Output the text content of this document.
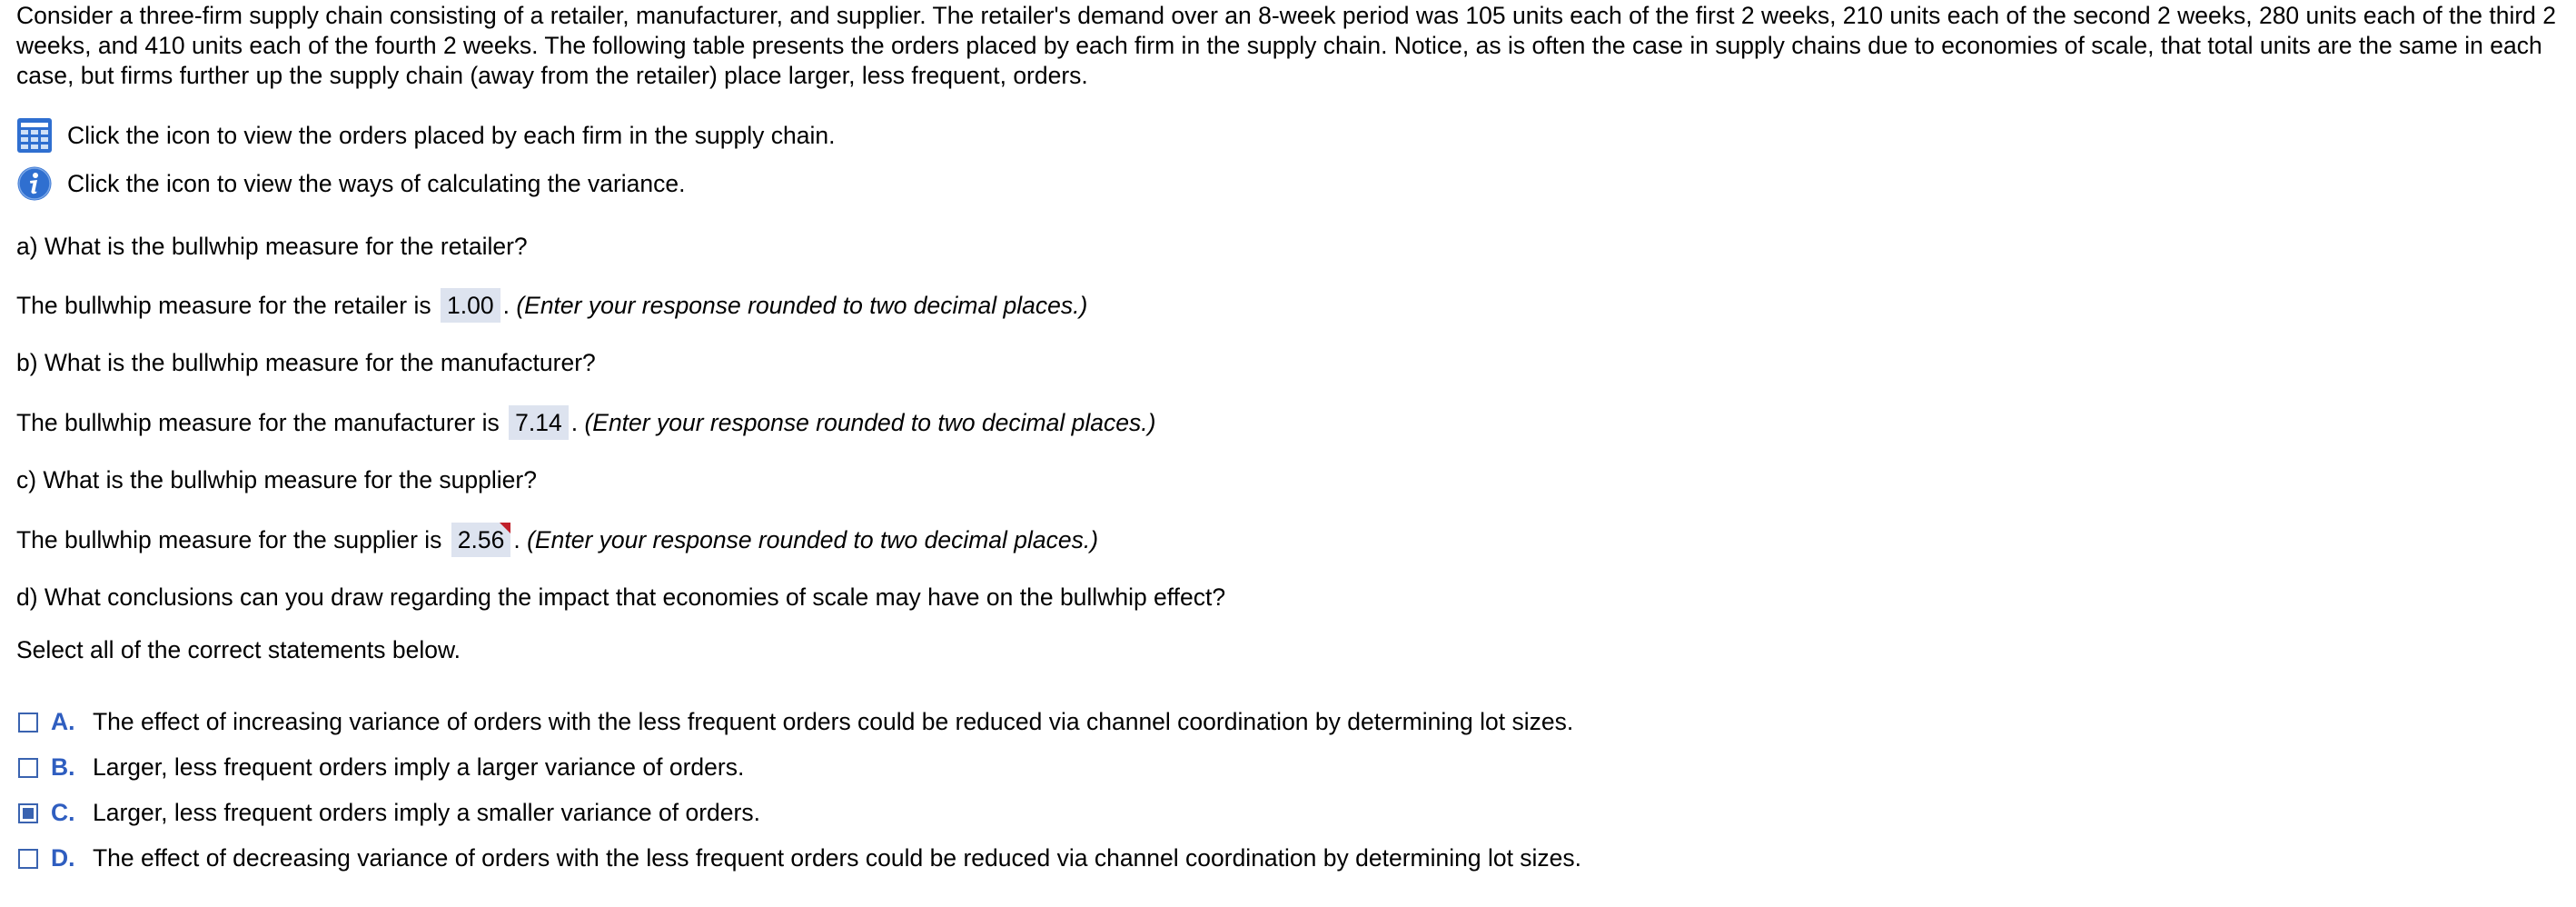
Consider a three-firm supply chain consisting of a retailer, manufacturer, and supplier. The retailer's demand over an 8-week period was 105 units each of the first 2 weeks, 210 units each of the second 2 weeks, 280 units each of the third 2 weeks, and 410 units each of the fourth 2 weeks. The following table presents the orders placed by each firm in the supply chain. Notice, as is often the case in supply chains due to economies of scale, that total units are the same in each case, but firms further up the supply chain (away from the retailer) place larger, less frequent, orders.

Click the icon to view the orders placed by each firm in the supply chain.
Click the icon to view the ways of calculating the variance.
a) What is the bullwhip measure for the retailer?
The bullwhip measure for the retailer is 1.00 . (Enter your response rounded to two decimal places.)
b) What is the bullwhip measure for the manufacturer?
The bullwhip measure for the manufacturer is 7.14 . (Enter your response rounded to two decimal places.)
c) What is the bullwhip measure for the supplier?
The bullwhip measure for the supplier is 2.56 . (Enter your response rounded to two decimal places.)
d) What conclusions can you draw regarding the impact that economies of scale may have on the bullwhip effect?
Select all of the correct statements below.
A. The effect of increasing variance of orders with the less frequent orders could be reduced via channel coordination by determining lot sizes.
B. Larger, less frequent orders imply a larger variance of orders.
C. Larger, less frequent orders imply a smaller variance of orders.
D. The effect of decreasing variance of orders with the less frequent orders could be reduced via channel coordination by determining lot sizes.
